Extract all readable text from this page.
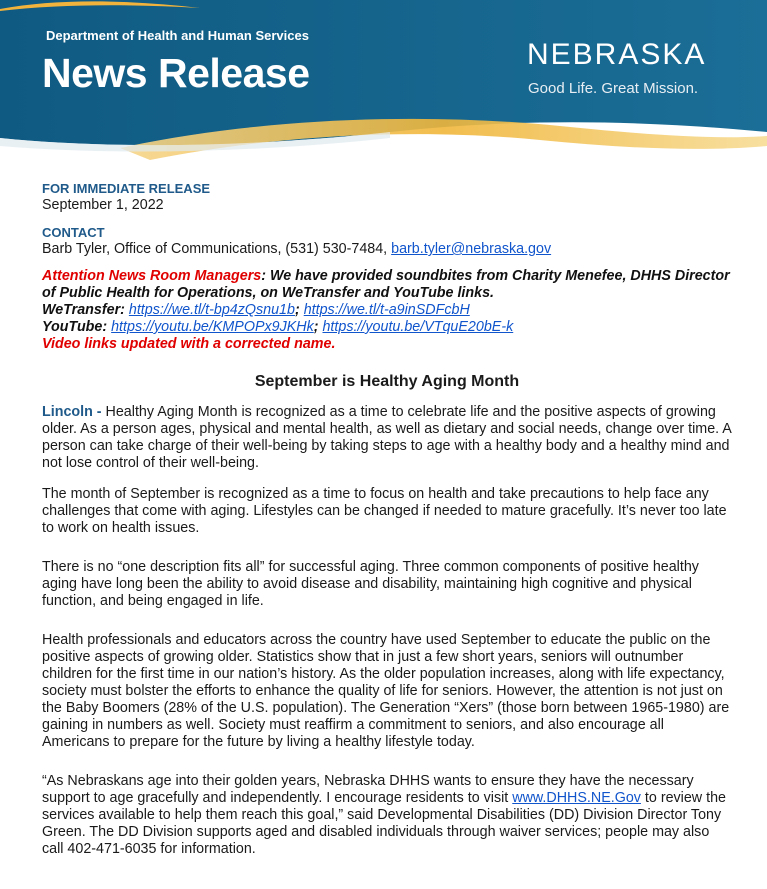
Department of Health and Human Services
News Release	NEBRASKA
Good Life. Great Mission.
FOR IMMEDIATE RELEASE
September 1, 2022
CONTACT
Barb Tyler, Office of Communications, (531) 530-7484, barb.tyler@nebraska.gov
Attention News Room Managers: We have provided soundbites from Charity Menefee, DHHS Director of Public Health for Operations, on WeTransfer and YouTube links.
WeTransfer: https://we.tl/t-bp4zQsnu1b; https://we.tl/t-a9inSDFcbH
YouTube: https://youtu.be/KMPOPx9JKHk; https://youtu.be/VTquE20bE-k
Video links updated with a corrected name.
September is Healthy Aging Month

Lincoln - Healthy Aging Month is recognized as a time to celebrate life and the positive aspects of growing older. As a person ages, physical and mental health, as well as dietary and social needs, change over time. A person can take charge of their well-being by taking steps to age with a healthy body and a healthy mind and not lose control of their well-being.

The month of September is recognized as a time to focus on health and take precautions to help face any challenges that come with aging. Lifestyles can be changed if needed to mature gracefully. It’s never too late to work on health issues.

There is no “one description fits all” for successful aging. Three common components of positive healthy aging have long been the ability to avoid disease and disability, maintaining high cognitive and physical function, and being engaged in life.

Health professionals and educators across the country have used September to educate the public on the positive aspects of growing older. Statistics show that in just a few short years, seniors will outnumber children for the first time in our nation’s history. As the older population increases, along with life expectancy, society must bolster the efforts to enhance the quality of life for seniors. However, the attention is not just on the Baby Boomers (28% of the U.S. population). The Generation “Xers” (those born between 1965-1980) are gaining in numbers as well. Society must reaffirm a commitment to seniors, and also encourage all Americans to prepare for the future by living a healthy lifestyle today.

“As Nebraskans age into their golden years, Nebraska DHHS wants to ensure they have the necessary support to age gracefully and independently. I encourage residents to visit www.DHHS.NE.Gov to review the services available to help them reach this goal,” said Developmental Disabilities (DD) Division Director Tony Green. The DD Division supports aged and disabled individuals through waiver services; people may also call 402-471-6035 for information.
